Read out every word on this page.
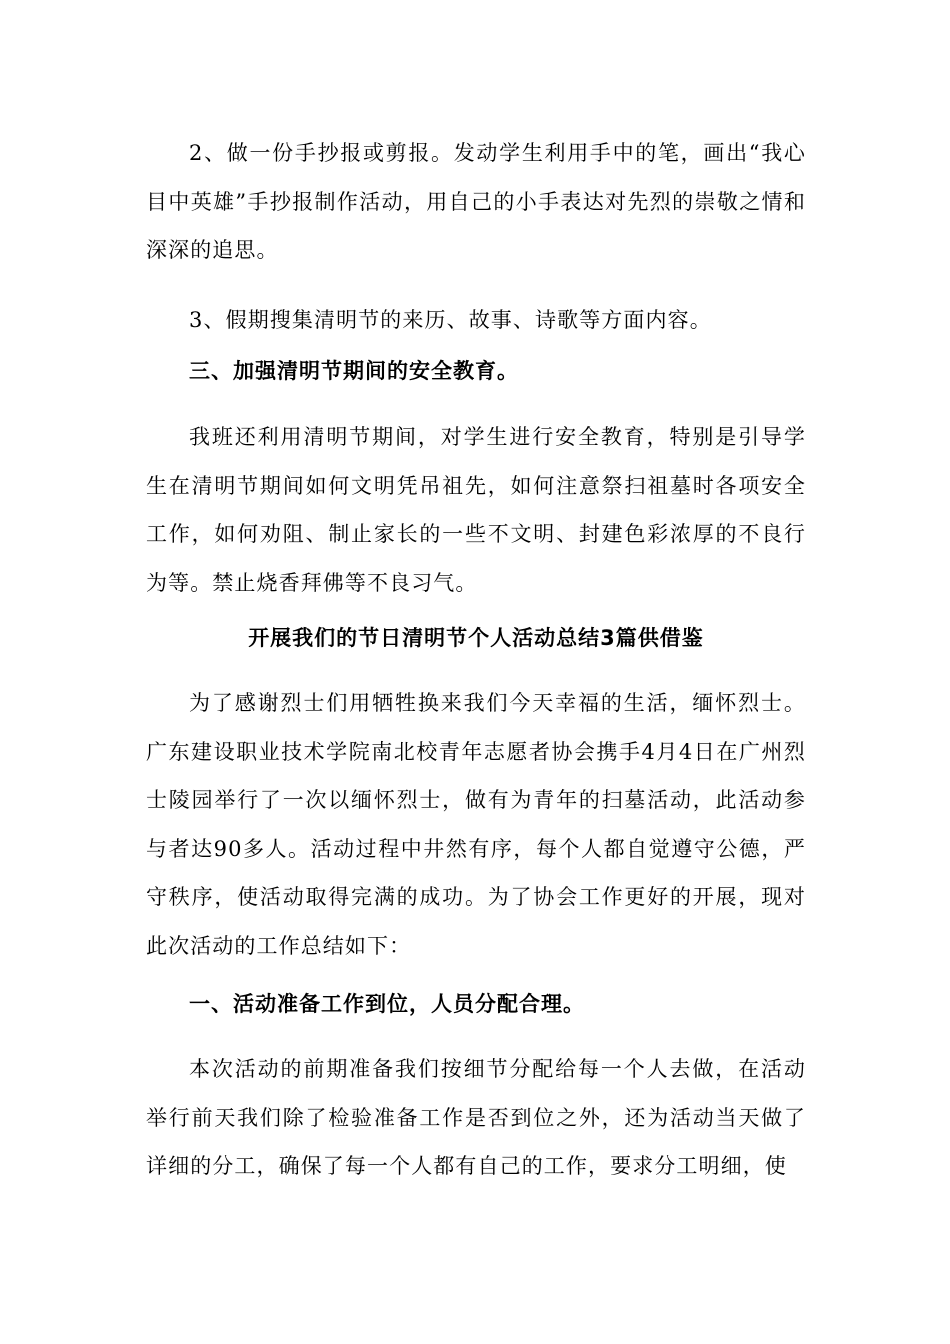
2、做一份手抄报或剪报。发动学生利用手中的笔，画出“我心目中英雄”手抄报制作活动，用自己的小手表达对先烈的崇敬之情和深深的追思。

3、假期搜集清明节的来历、故事、诗歌等方面内容。

三、加强清明节期间的安全教育。

我班还利用清明节期间，对学生进行安全教育，特别是引导学生在清明节期间如何文明凭吊祖先，如何注意祭扫祖墓时各项安全工作，如何劝阻、制止家长的一些不文明、封建色彩浓厚的不良行为等。禁止烧香拜佛等不良习气。

开展我们的节日清明节个人活动总结3篇供借鉴

为了感谢烈士们用牺牲换来我们今天幸福的生活，缅怀烈士。广东建设职业技术学院南北校青年志愿者协会携手4月4日在广州烈士陵园举行了一次以缅怀烈士，做有为青年的扫墓活动，此活动参与者达90多人。活动过程中井然有序，每个人都自觉遵守公德，严守秩序，使活动取得完满的成功。为了协会工作更好的开展，现对此次活动的工作总结如下：

一、活动准备工作到位，人员分配合理。

本次活动的前期准备我们按细节分配给每一个人去做，在活动举行前天我们除了检验准备工作是否到位之外，还为活动当天做了详细的分工，确保了每一个人都有自己的工作，要求分工明细，使
